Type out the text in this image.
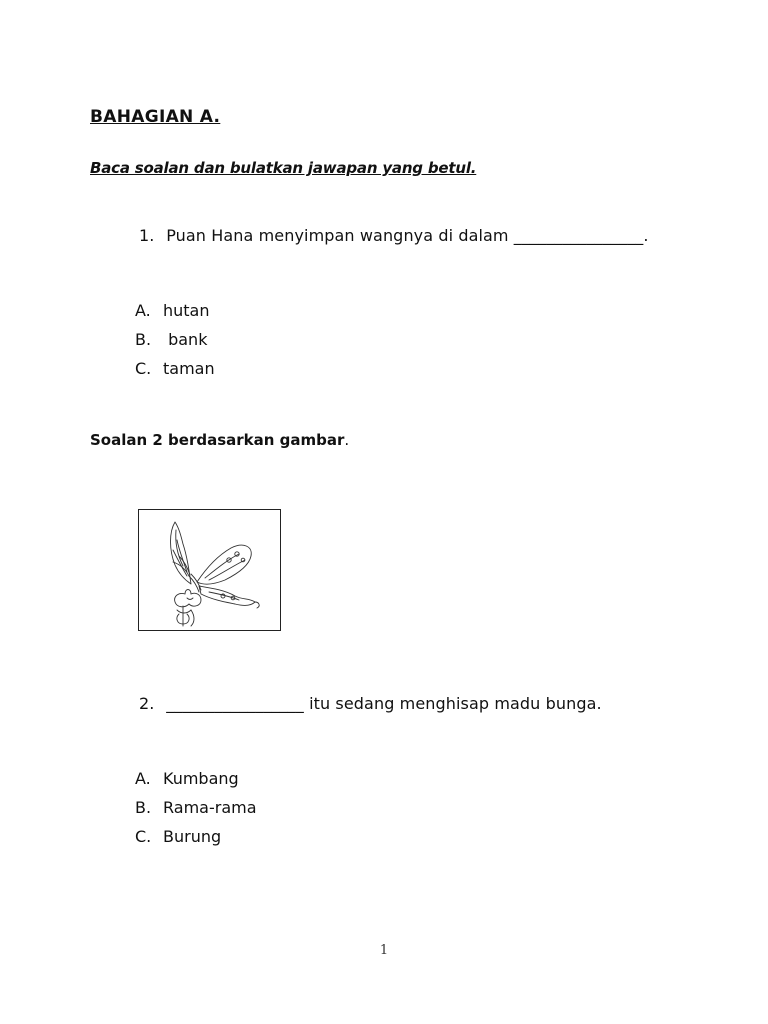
BAHAGIAN A.
Baca soalan dan bulatkan jawapan yang betul.
1. Puan Hana menyimpan wangnya di dalam ________________.
A. hutan
B. bank
C. taman
Soalan 2 berdasarkan gambar.
2. _________________ itu sedang menghisap madu bunga.
A. Kumbang
B. Rama-rama
C. Burung
1
